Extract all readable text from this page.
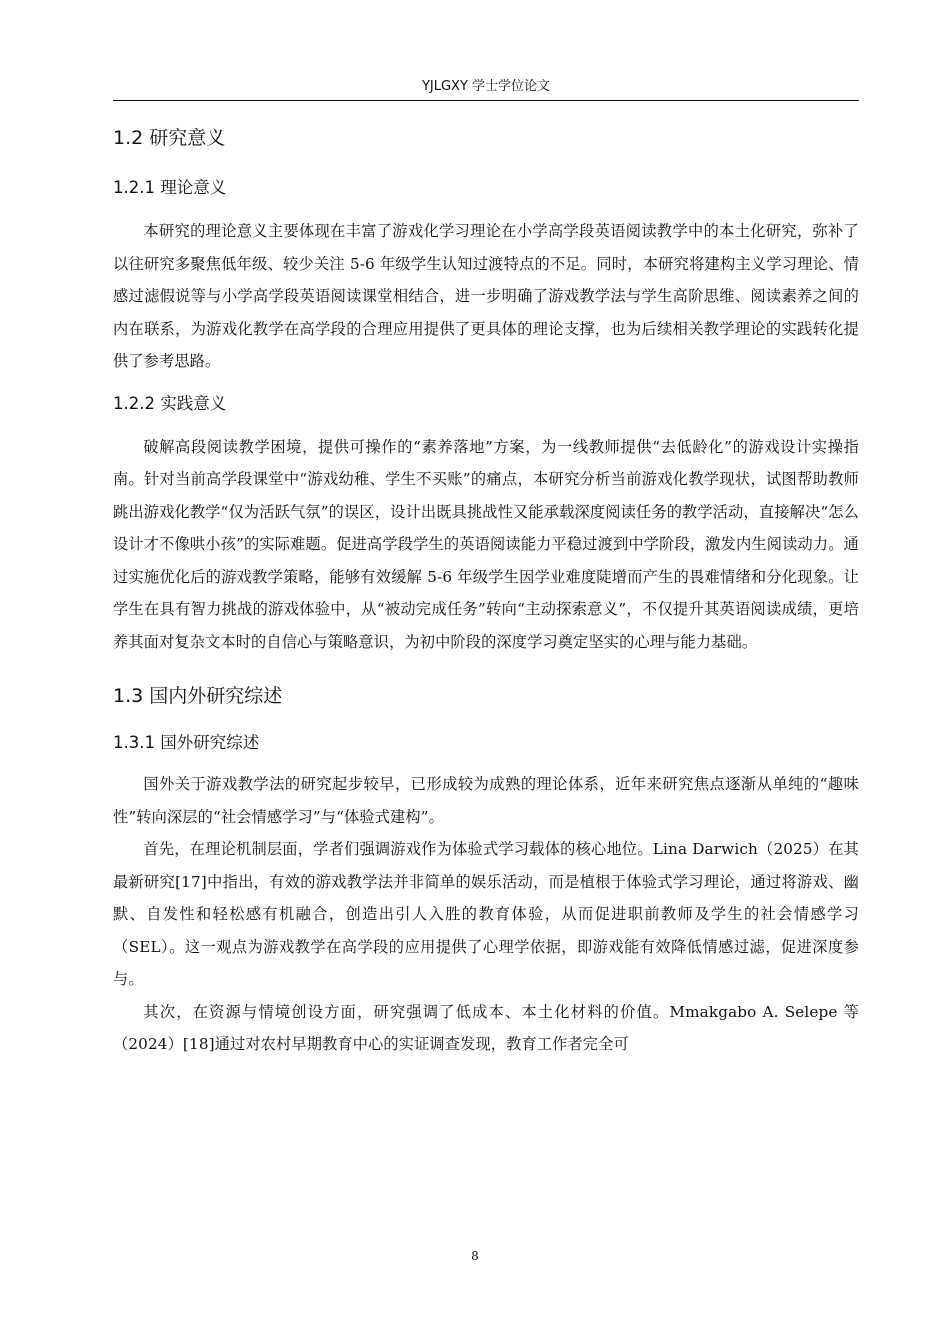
YJLGXY 学士学位论文
1.2 研究意义
1.2.1 理论意义

本研究的理论意义主要体现在丰富了游戏化学习理论在小学高学段英语阅读教学中的本土化研究，弥补了以往研究多聚焦低年级、较少关注 5-6 年级学生认知过渡特点的不足。同时，本研究将建构主义学习理论、情感过滤假说等与小学高学段英语阅读课堂相结合，进一步明确了游戏教学法与学生高阶思维、阅读素养之间的内在联系，为游戏化教学在高学段的合理应用提供了更具体的理论支撑，也为后续相关教学理论的实践转化提供了参考思路。

1.2.2 实践意义

破解高段阅读教学困境，提供可操作的“素养落地”方案，为一线教师提供“去低龄化”的游戏设计实操指南。针对当前高学段课堂中“游戏幼稚、学生不买账”的痛点，本研究分析当前游戏化教学现状，试图帮助教师跳出游戏化教学“仅为活跃气氛”的误区，设计出既具挑战性又能承载深度阅读任务的教学活动，直接解决“怎么设计才不像哄小孩”的实际难题。促进高学段学生的英语阅读能力平稳过渡到中学阶段，激发内生阅读动力。通过实施优化后的游戏教学策略，能够有效缓解 5-6 年级学生因学业难度陡增而产生的畏难情绪和分化现象。让学生在具有智力挑战的游戏体验中，从“被动完成任务”转向“主动探索意义”，不仅提升其英语阅读成绩，更培养其面对复杂文本时的自信心与策略意识，为初中阶段的深度学习奠定坚实的心理与能力基础。

1.3 国内外研究综述
1.3.1 国外研究综述

国外关于游戏教学法的研究起步较早，已形成较为成熟的理论体系，近年来研究焦点逐渐从单纯的“趣味性”转向深层的“社会情感学习”与“体验式建构”。

首先，在理论机制层面，学者们强调游戏作为体验式学习载体的核心地位。Lina Darwich（2025）在其最新研究[17]中指出，有效的游戏教学法并非简单的娱乐活动，而是植根于体验式学习理论，通过将游戏、幽默、自发性和轻松感有机融合，创造出引人入胜的教育体验，从而促进职前教师及学生的社会情感学习（SEL）。这一观点为游戏教学在高学段的应用提供了心理学依据，即游戏能有效降低情感过滤，促进深度参与。

其次，在资源与情境创设方面，研究强调了低成本、本土化材料的价值。Mmakgabo A. Selepe 等（2024）[18]通过对农村早期教育中心的实证调查发现，教育工作者完全可

8
